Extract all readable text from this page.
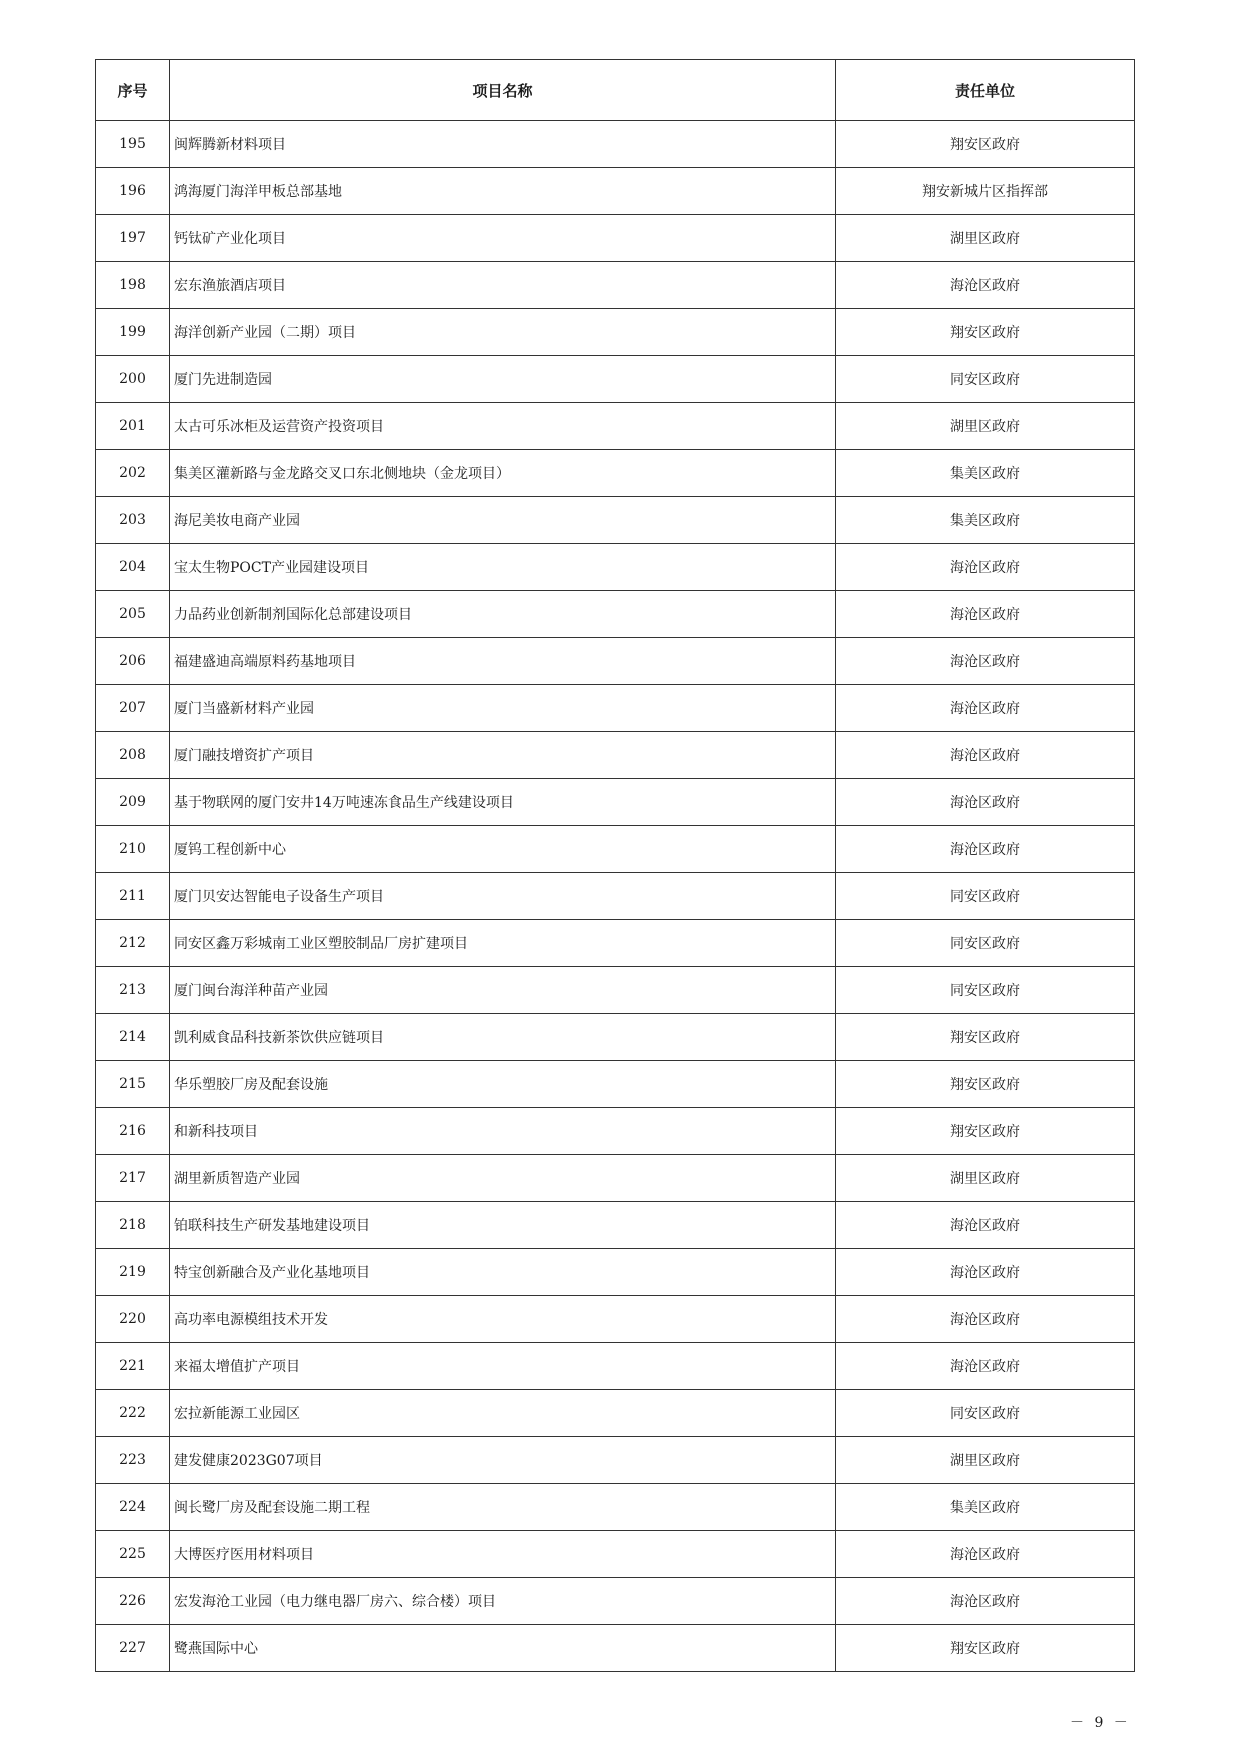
序号	项目名称	责任单位
195	闽辉腾新材料项目	翔安区政府
196	鸿海厦门海洋甲板总部基地	翔安新城片区指挥部
197	钙钛矿产业化项目	湖里区政府
198	宏东渔旅酒店项目	海沧区政府
199	海洋创新产业园（二期）项目	翔安区政府
200	厦门先进制造园	同安区政府
201	太古可乐冰柜及运营资产投资项目	湖里区政府
202	集美区灌新路与金龙路交叉口东北侧地块（金龙项目）	集美区政府
203	海尼美妆电商产业园	集美区政府
204	宝太生物POCT产业园建设项目	海沧区政府
205	力品药业创新制剂国际化总部建设项目	海沧区政府
206	福建盛迪高端原料药基地项目	海沧区政府
207	厦门当盛新材料产业园	海沧区政府
208	厦门融技增资扩产项目	海沧区政府
209	基于物联网的厦门安井14万吨速冻食品生产线建设项目	海沧区政府
210	厦钨工程创新中心	海沧区政府
211	厦门贝安达智能电子设备生产项目	同安区政府
212	同安区鑫万彩城南工业区塑胶制品厂房扩建项目	同安区政府
213	厦门闽台海洋种苗产业园	同安区政府
214	凯利威食品科技新茶饮供应链项目	翔安区政府
215	华乐塑胶厂房及配套设施	翔安区政府
216	和新科技项目	翔安区政府
217	湖里新质智造产业园	湖里区政府
218	铂联科技生产研发基地建设项目	海沧区政府
219	特宝创新融合及产业化基地项目	海沧区政府
220	高功率电源模组技术开发	海沧区政府
221	来福太增值扩产项目	海沧区政府
222	宏拉新能源工业园区	同安区政府
223	建发健康2023G07项目	湖里区政府
224	闽长鹭厂房及配套设施二期工程	集美区政府
225	大博医疗医用材料项目	海沧区政府
226	宏发海沧工业园（电力继电器厂房六、综合楼）项目	海沧区政府
227	鹭燕国际中心	翔安区政府
－ 9 －
